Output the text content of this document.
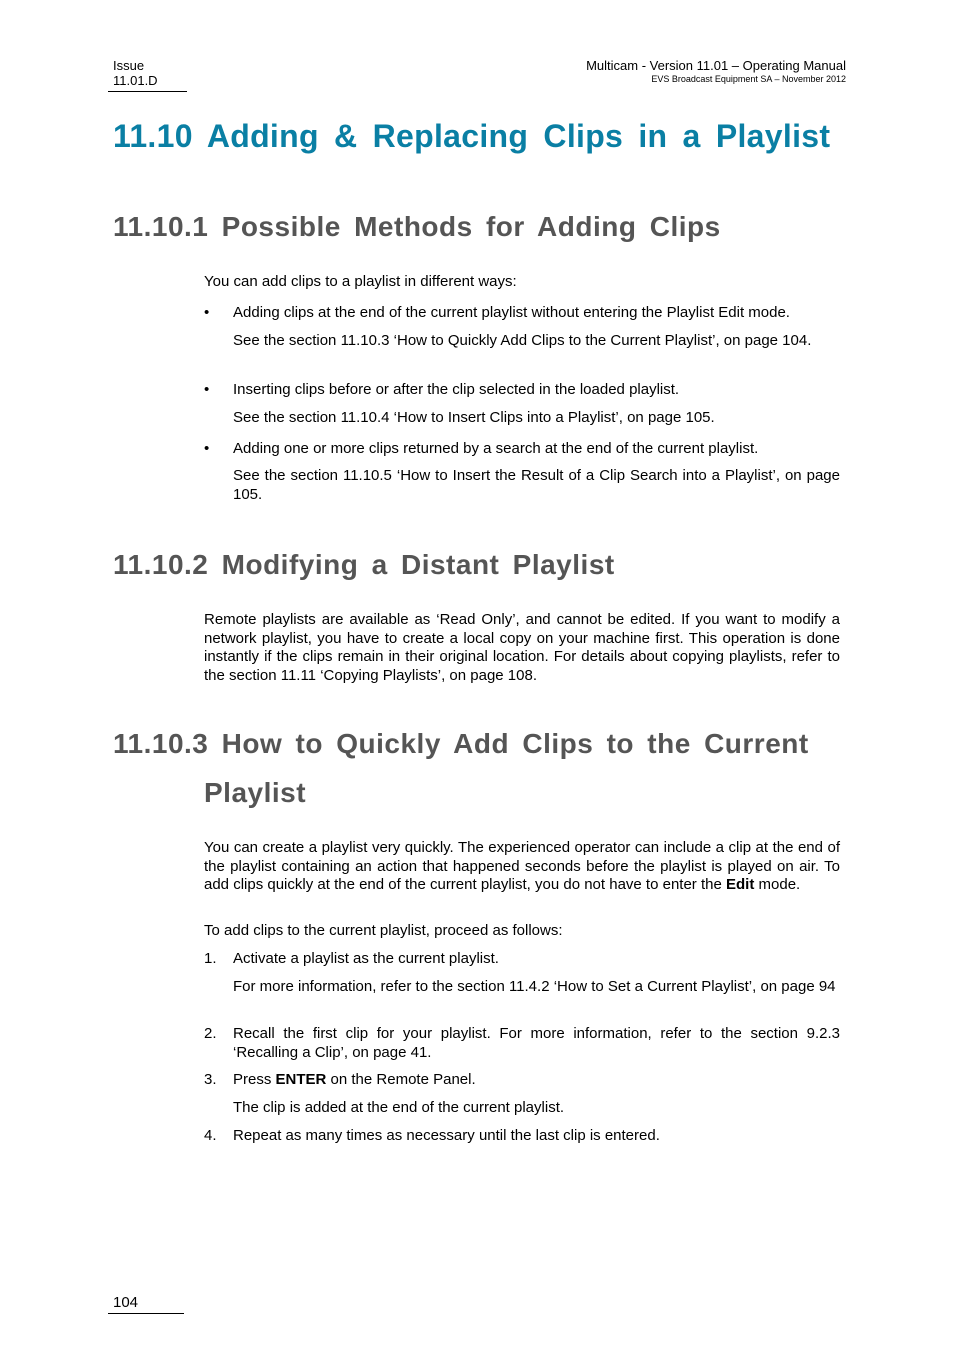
Issue
11.01.D
Multicam - Version 11.01 – Operating Manual
EVS Broadcast Equipment SA – November 2012
11.10 Adding & Replacing Clips in a Playlist
11.10.1 Possible Methods for Adding Clips
You can add clips to a playlist in different ways:
• Adding clips at the end of the current playlist without entering the Playlist Edit mode.
See the section 11.10.3 ‘How to Quickly Add Clips to the Current Playlist’, on page 104.
• Inserting clips before or after the clip selected in the loaded playlist.
See the section 11.10.4 ‘How to Insert Clips into a Playlist’, on page 105.
• Adding one or more clips returned by a search at the end of the current playlist.
See the section 11.10.5 ‘How to Insert the Result of a Clip Search into a Playlist’, on page 105.
11.10.2 Modifying a Distant Playlist
Remote playlists are available as ‘Read Only’, and cannot be edited. If you want to modify a network playlist, you have to create a local copy on your machine first. This operation is done instantly if the clips remain in their original location. For details about copying playlists, refer to the section 11.11 ‘Copying Playlists’, on page 108.
11.10.3 How to Quickly Add Clips to the Current
Playlist
You can create a playlist very quickly. The experienced operator can include a clip at the end of the playlist containing an action that happened seconds before the playlist is played on air. To add clips quickly at the end of the current playlist, you do not have to enter the Edit mode.
To add clips to the current playlist, proceed as follows:
1. Activate a playlist as the current playlist.
For more information, refer to the section 11.4.2 ‘How to Set a Current Playlist’, on page 94
2. Recall the first clip for your playlist. For more information, refer to the section 9.2.3 ‘Recalling a Clip’, on page 41.
3. Press ENTER on the Remote Panel.
The clip is added at the end of the current playlist.
4. Repeat as many times as necessary until the last clip is entered.
104
